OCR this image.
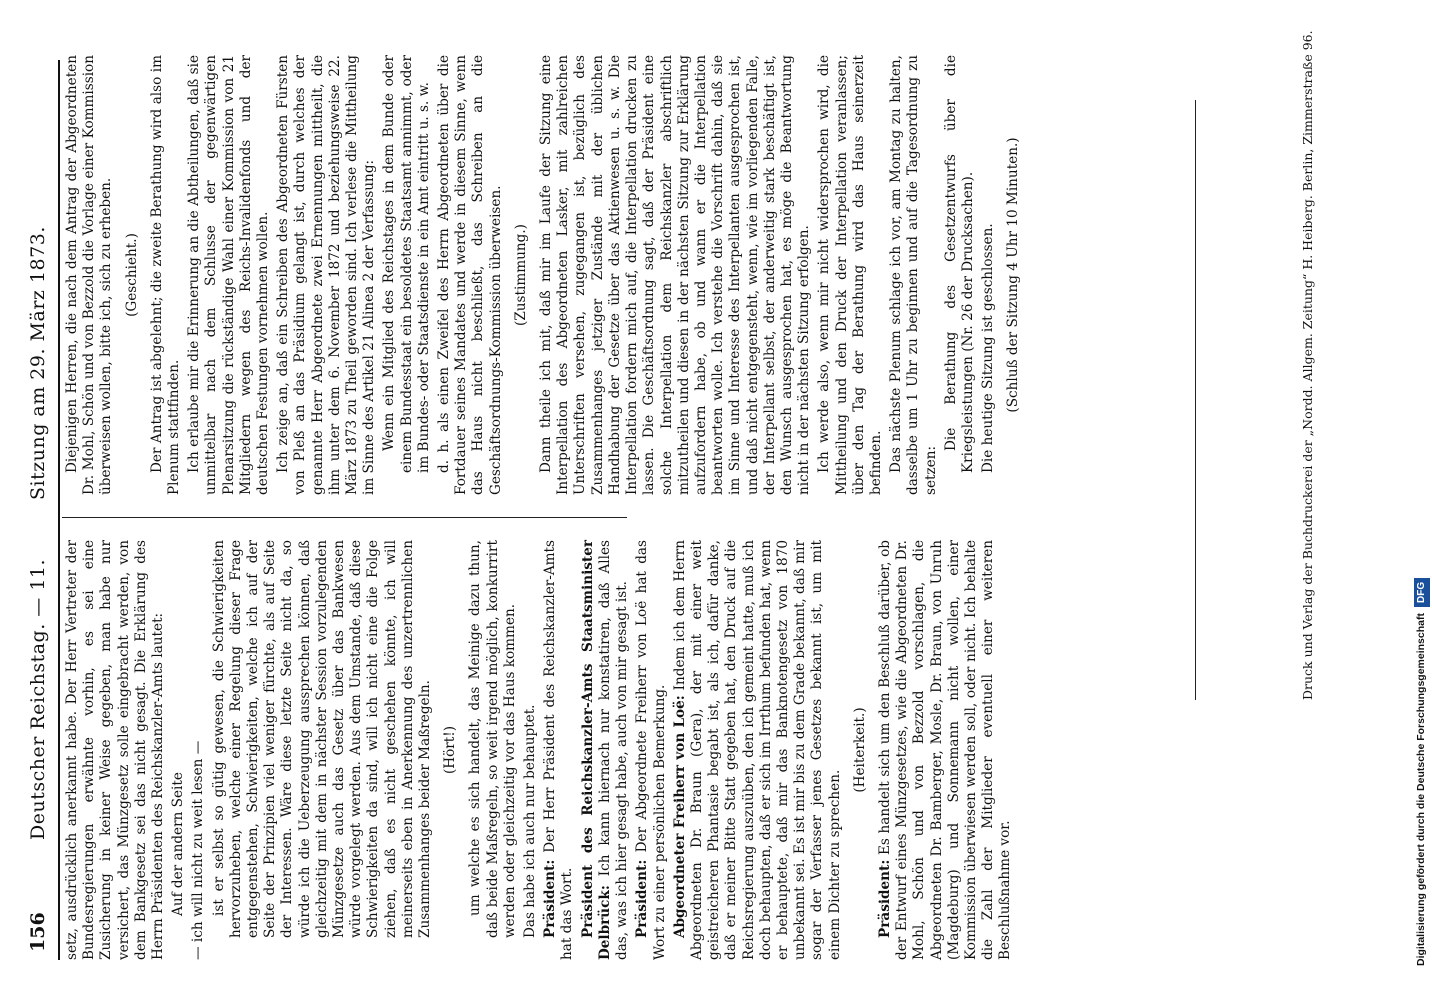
156
Deutscher Reichstag. — 11.
Sitzung am 29. März 1873.

setz, ausdrücklich anerkannt habe. Der Herr Vertreter der Bundesregierungen erwähnte vorhin, es sei eine Zusicherung in keiner Weise gegeben, man habe nur versichert, das Münzgesetz solle eingebracht werden, von dem Bankgesetz sei das nicht gesagt. Die Erklärung des Herrn Präsidenten des Reichskanzler-Amts lautet: Auf der andern Seite — ich will nicht zu weit lesen — ist er selbst so gütig gewesen, die Schwierigkeiten hervorzuheben, welche einer Regelung dieser Frage entgegenstehen, Schwierigkeiten, welche ich auf der Seite der Prinzipien viel weniger fürchte, als auf Seite der Interessen. Wäre diese letzte Seite nicht da, so würde ich die Ueberzeugung aussprechen können, daß gleichzeitig mit dem in nächster Session vorzulegenden Münzgesetze auch das Gesetz über das Bankwesen würde vorgelegt werden. Aus dem Umstande, daß diese Schwierigkeiten da sind, will ich nicht eine die Folge ziehen, daß es nicht geschehen könnte, ich will meinerseits eben in Anerkennung des unzertrennlichen Zusammenhanges beider Maßregeln. (Hört!) um welche es sich handelt, das Meinige dazu thun, daß beide Maßregeln, so weit irgend möglich, konkurrirt werden oder gleichzeitig vor das Haus kommen. Das habe ich auch nur behauptet. Präsident: Der Herr Präsident des Reichskanzler-Amts hat das Wort. Präsident des Reichskanzler-Amts Staatsminister Delbrück: Ich kann hiernach nur konstatiren, daß Alles das, was ich hier gesagt habe, auch von mir gesagt ist. Präsident: Der Abgeordnete Freiherr von Loë hat das Wort zu einer persönlichen Bemerkung. Abgeordneter Freiherr von Loë: Indem ich dem Herrn Abgeordneten Dr. Braun (Gera), der mit einer weit geistreicheren Phantasie begabt ist, als ich, dafür danke, daß er meiner Bitte Statt gegeben hat, den Druck auf die Reichsregierung auszuüben, den ich gemeint hatte, muß ich doch behaupten, daß er sich im Irrthum befunden hat, wenn er behauptete, daß mir das Banknotengesetz von 1870 unbekannt sei. Es ist mir bis zu dem Grade bekannt, daß mir sogar der Verfasser jenes Gesetzes bekannt ist, um mit einem Dichter zu sprechen.

(Heiterkeit.)

Präsident: Es handelt sich um den Beschluß darüber, ob der Entwurf eines Münzgesetzes, wie die Abgeordneten Dr. Mohl, Schön und von Bezzold vorschlagen, die Abgeordneten Dr. Bamberger, Mosle, Dr. Braun, von Unruh (Magdeburg) und Sonnemann nicht wollen, einer Kommission überwiesen werden soll, oder nicht. Ich behalte die Zahl der Mitglieder eventuell einer weiteren Beschlußnahme vor.

Diejenigen Herren, die nach dem Antrag der Abgeordneten Dr. Mohl, Schön und von Bezzold die Vorlage einer Kommission überweisen wollen, bitte ich, sich zu erheben. (Geschieht.) Der Antrag ist abgelehnt; die zweite Berathung wird also im Plenum stattfinden. Ich erlaube mir die Erinnerung an die Abtheilungen, daß sie unmittelbar nach dem Schlusse der gegenwärtigen Plenarsitzung die rückständige Wahl einer Kommission von 21 Mitgliedern wegen des Reichs-Invalidenfonds und der deutschen Festungen vornehmen wollen. Ich zeige an, daß ein Schreiben des Abgeordneten Fürsten von Pleß an das Präsidium gelangt ist, durch welches der genannte Herr Abgeordnete zwei Ernennungen mittheilt, die ihm unter dem 6. November 1872 und beziehungsweise 22. März 1873 zu Theil geworden sind. Ich verlese die Mittheilung im Sinne des Artikel 21 Alinea 2 der Verfassung: Wenn ein Mitglied des Reichstages in dem Bunde oder einem Bundesstaat ein besoldetes Staatsamt annimmt, oder im Bundes- oder Staatsdienste in ein Amt eintritt u. s. w. d. h. als einen Zweifel des Herrn Abgeordneten über die Fortdauer seines Mandates und werde in diesem Sinne, wenn das Haus nicht beschließt, das Schreiben an die Geschäftsordnungs-Kommission überweisen. (Zustimmung.) Dann theile ich mit, daß mir im Laufe der Sitzung eine Interpellation des Abgeordneten Lasker, mit zahlreichen Unterschriften versehen, zugegangen ist, bezüglich des Zusammenhanges jetziger Zustände mit der üblichen Handhabung der Gesetze über das Aktienwesen u. s. w. Die Interpellation fordern mich auf, die Interpellation drucken zu lassen. Die Geschäftsordnung sagt, daß der Präsident eine solche Interpellation dem Reichskanzler abschriftlich mitzutheilen und diesen in der nächsten Sitzung zur Erklärung aufzufordern habe, ob und wann er die Interpellation beantworten wolle. Ich verstehe die Vorschrift dahin, daß sie im Sinne und Interesse des Interpellanten ausgesprochen ist, und daß nicht entgegensteht, wenn, wie im vorliegenden Falle, der Interpellant selbst, der anderweitig stark beschäftigt ist, den Wunsch ausgesprochen hat, es möge die Beantwortung nicht in der nächsten Sitzung erfolgen. Ich werde also, wenn mir nicht widersprochen wird, die Mittheilung und den Druck der Interpellation veranlassen; über den Tag der Berathung wird das Haus seinerzeit befinden. Das nächste Plenum schlage ich vor, am Montag zu halten, dasselbe um 1 Uhr zu beginnen und auf die Tagesordnung zu setzen:

Die Berathung des Gesetzentwurfs über die Kriegsleistungen (Nr. 26 der Drucksachen). Die heutige Sitzung ist geschlossen. (Schluß der Sitzung 4 Uhr 10 Minuten.)	Druck und Verlag der Buchdruckerei der „Nordd. Allgem. Zeitung“ H. Heiberg. Berlin, Zimmerstraße 96.
Digitalisierung gefördert durch die Deutsche ForschungsgemeinschaftDFG
